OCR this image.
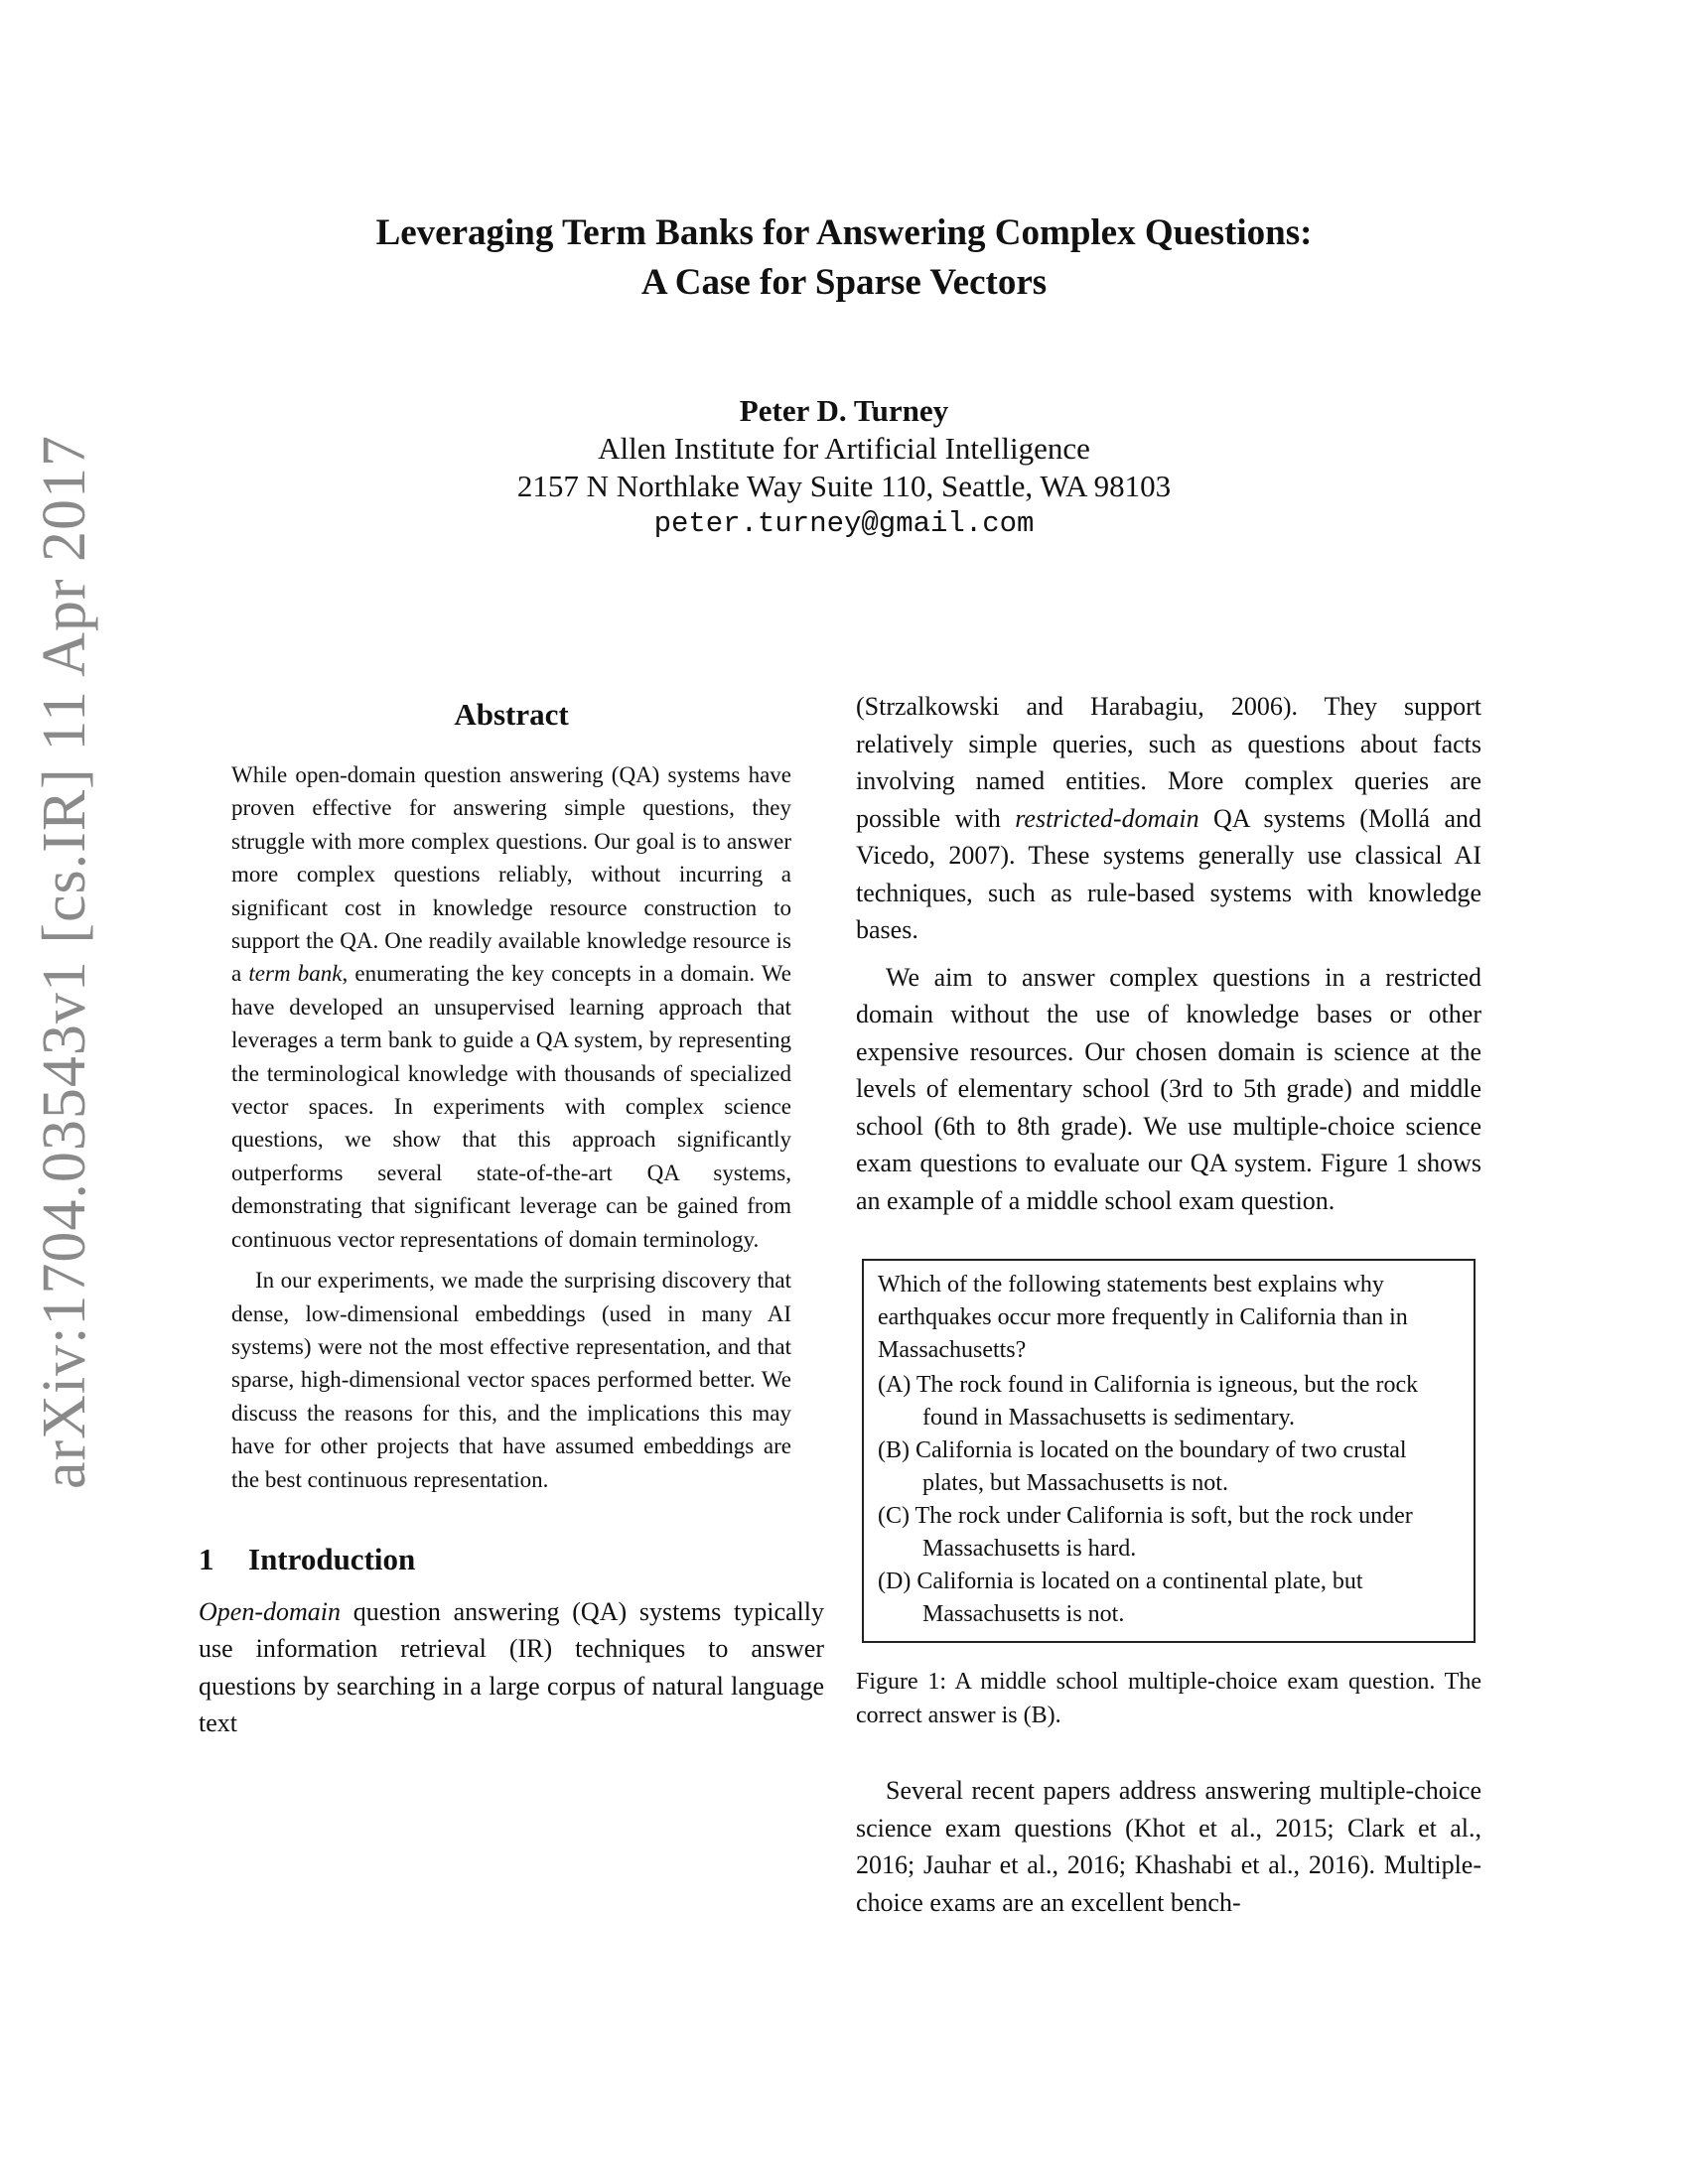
arXiv:1704.03543v1 [cs.IR] 11 Apr 2017
Leveraging Term Banks for Answering Complex Questions:
A Case for Sparse Vectors
Peter D. Turney
Allen Institute for Artificial Intelligence
2157 N Northlake Way Suite 110, Seattle, WA 98103
peter.turney@gmail.com
Abstract

While open-domain question answering (QA) systems have proven effective for answering simple questions, they struggle with more complex questions. Our goal is to answer more complex questions reliably, without incurring a significant cost in knowledge resource construction to support the QA. One readily available knowledge resource is a term bank, enumerating the key concepts in a domain. We have developed an unsupervised learning approach that leverages a term bank to guide a QA system, by representing the terminological knowledge with thousands of specialized vector spaces. In experiments with complex science questions, we show that this approach significantly outperforms several state-of-the-art QA systems, demonstrating that significant leverage can be gained from continuous vector representations of domain terminology.

In our experiments, we made the surprising discovery that dense, low-dimensional embeddings (used in many AI systems) were not the most effective representation, and that sparse, high-dimensional vector spaces performed better. We discuss the reasons for this, and the implications this may have for other projects that have assumed embeddings are the best continuous representation.

1 Introduction

Open-domain question answering (QA) systems typically use information retrieval (IR) techniques to answer questions by searching in a large corpus of natural language text

(Strzalkowski and Harabagiu, 2006). They support relatively simple queries, such as questions about facts involving named entities. More complex queries are possible with restricted-domain QA systems (Mollá and Vicedo, 2007). These systems generally use classical AI techniques, such as rule-based systems with knowledge bases.

We aim to answer complex questions in a restricted domain without the use of knowledge bases or other expensive resources. Our chosen domain is science at the levels of elementary school (3rd to 5th grade) and middle school (6th to 8th grade). We use multiple-choice science exam questions to evaluate our QA system. Figure 1 shows an example of a middle school exam question.

Which of the following statements best explains why earthquakes occur more frequently in California than in Massachusetts?
(A) The rock found in California is igneous, but the rock found in Massachusetts is sedimentary.
(B) California is located on the boundary of two crustal plates, but Massachusetts is not.
(C) The rock under California is soft, but the rock under Massachusetts is hard.
(D) California is located on a continental plate, but Massachusetts is not.
Figure 1: A middle school multiple-choice exam question. The correct answer is (B).

Several recent papers address answering multiple-choice science exam questions (Khot et al., 2015; Clark et al., 2016; Jauhar et al., 2016; Khashabi et al., 2016). Multiple-choice exams are an excellent bench-
